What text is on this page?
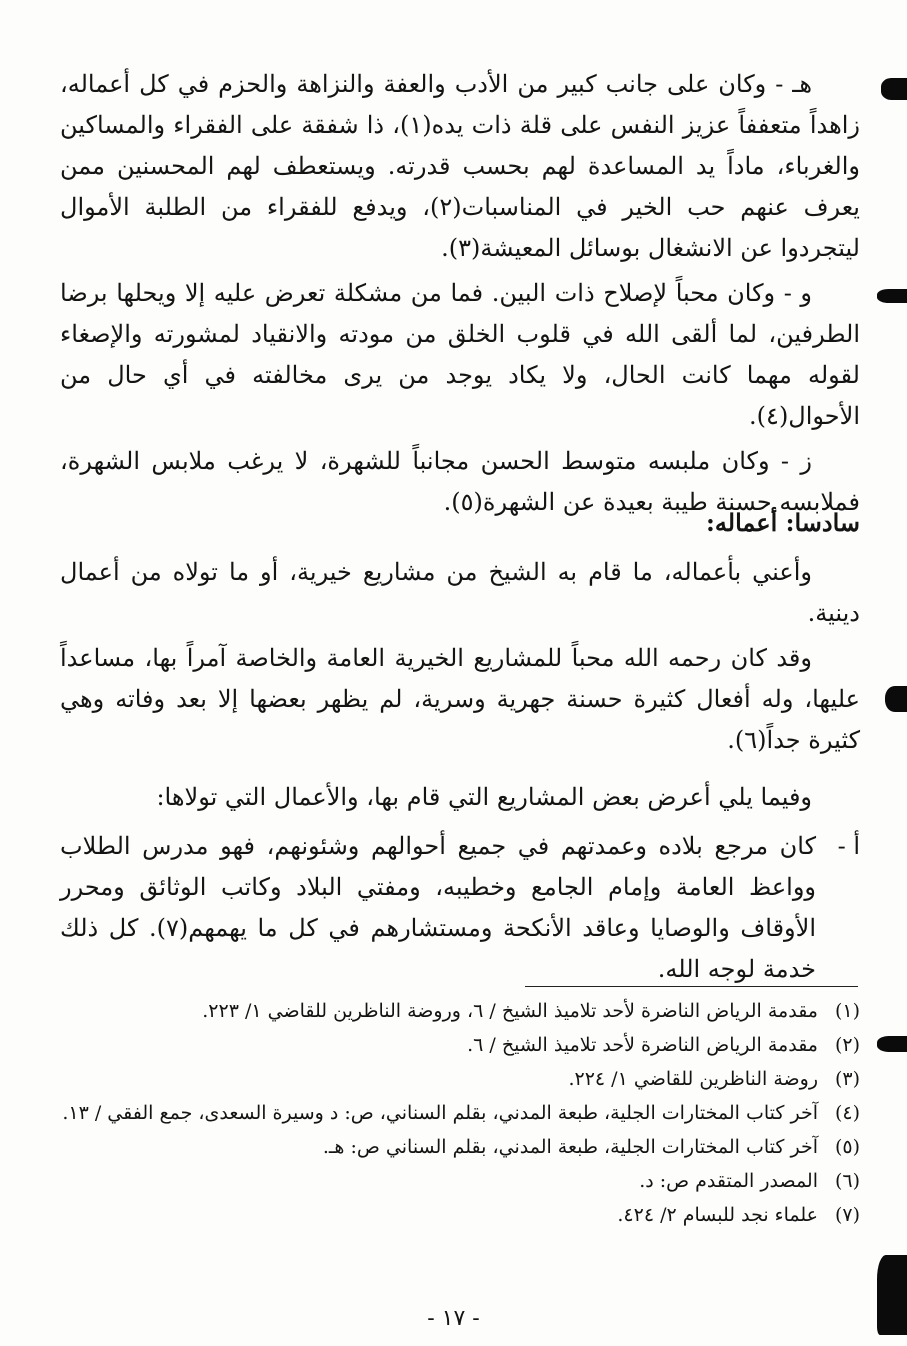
هـ - وكان على جانب كبير من الأدب والعفة والنزاهة والحزم في كل أعماله، زاهداً متعففاً عزيز النفس على قلة ذات يده(١)، ذا شفقة على الفقراء والمساكين والغرباء، ماداً يد المساعدة لهم بحسب قدرته. ويستعطف لهم المحسنين ممن يعرف عنهم حب الخير في المناسبات(٢)، ويدفع للفقراء من الطلبة الأموال ليتجردوا عن الانشغال بوسائل المعيشة(٣).

و - وكان محباً لإصلاح ذات البين. فما من مشكلة تعرض عليه إلا ويحلها برضا الطرفين، لما ألقى الله في قلوب الخلق من مودته والانقياد لمشورته والإصغاء لقوله مهما كانت الحال، ولا يكاد يوجد من يرى مخالفته في أي حال من الأحوال(٤).

ز - وكان ملبسه متوسط الحسن مجانباً للشهرة، لا يرغب ملابس الشهرة، فملابسه حسنة طيبة بعيدة عن الشهرة(٥).

سادسا: أعماله:

وأعني بأعماله، ما قام به الشيخ من مشاريع خيرية، أو ما تولاه من أعمال دينية.

وقد كان رحمه الله محباً للمشاريع الخيرية العامة والخاصة آمراً بها، مساعداً عليها، وله أفعال كثيرة حسنة جهرية وسرية، لم يظهر بعضها إلا بعد وفاته وهي كثيرة جداً(٦).

وفيما يلي أعرض بعض المشاريع التي قام بها، والأعمال التي تولاها:

أ -
كان مرجع بلاده وعمدتهم في جميع أحوالهم وشئونهم، فهو مدرس الطلاب وواعظ العامة وإمام الجامع وخطيبه، ومفتي البلاد وكاتب الوثائق ومحرر الأوقاف والوصايا وعاقد الأنكحة ومستشارهم في كل ما يهمهم(٧). كل ذلك خدمة لوجه الله.

(١)
مقدمة الرياض الناضرة لأحد تلاميذ الشيخ / ٦، وروضة الناظرين للقاضي ١/ ٢٢٣.

(٢)
مقدمة الرياض الناضرة لأحد تلاميذ الشيخ / ٦.

(٣)
روضة الناظرين للقاضي ١/ ٢٢٤.

(٤)
آخر كتاب المختارات الجلية، طبعة المدني، بقلم السناني، ص: د وسيرة السعدى، جمع الفقي / ١٣.

(٥)
آخر كتاب المختارات الجلية، طبعة المدني، بقلم السناني ص: هـ.

(٦)
المصدر المتقدم ص: د.

(٧)
علماء نجد للبسام ٢/ ٤٢٤.

- ١٧ -
